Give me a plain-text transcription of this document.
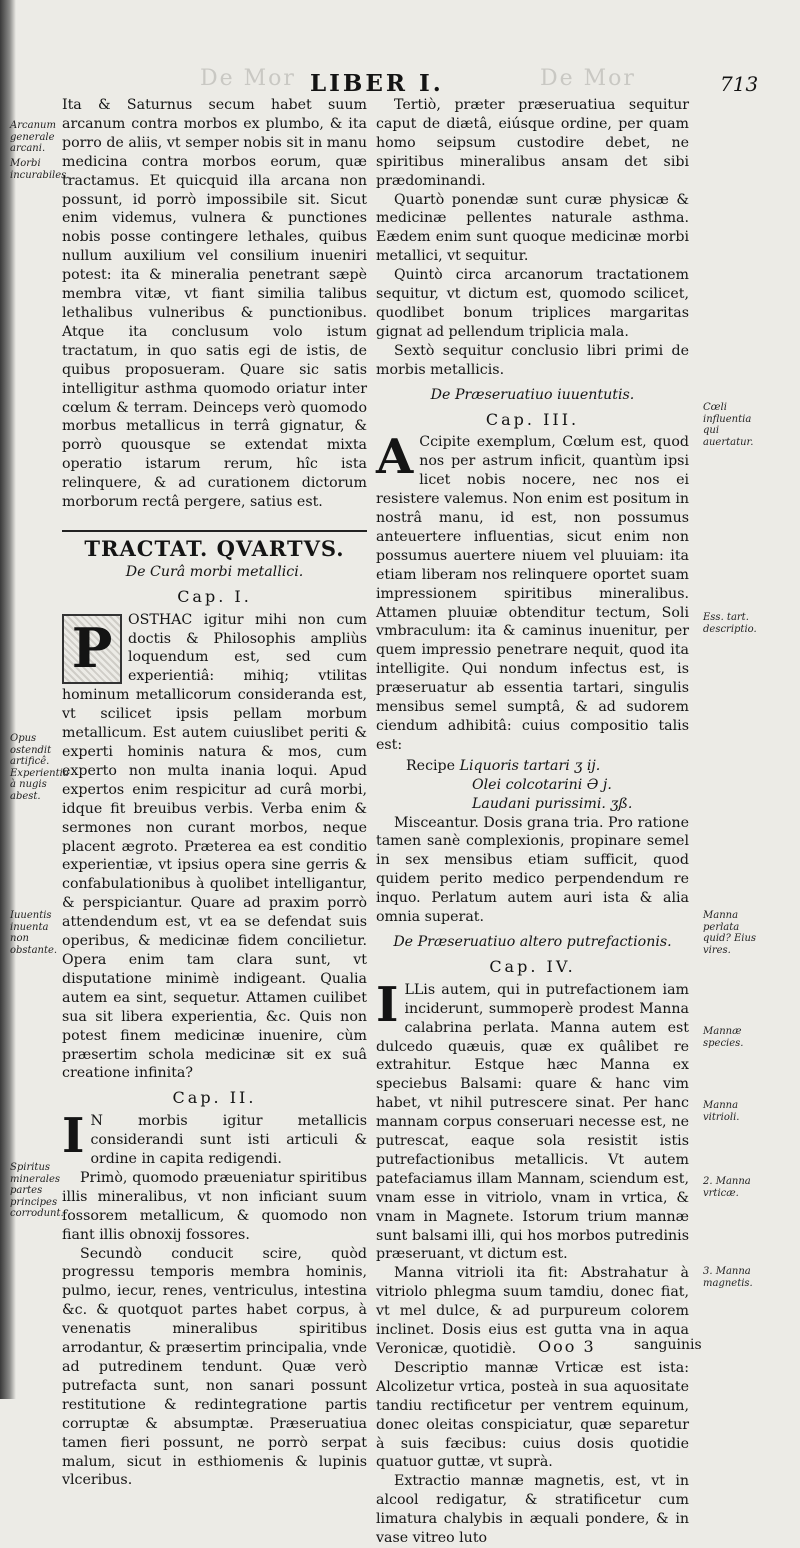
De Mor	De Mor
LIBER I.	713
Arcanum generale arcani.
Morbi incurabiles.
Opus ostendit artificê. Experientia à nugis abest.
Iuuentis inuenta non obstante.
Spiritus minerales partes principes corrodunt.
Cœli influentia qui auertatur.
Ess. tart. descriptio.
Manna perlata quid? Eius vires.
Mannæ species.
Manna vitrioli.
2. Manna vrticæ.
3. Manna magnetis.

Ita & Saturnus secum habet suum arcanum contra morbos ex plumbo, & ita porro de aliis, vt semper nobis sit in manu medicina contra morbos eorum, quæ tractamus. Et quicquid illa arcana non possunt, id porrò impossibile sit. Sicut enim videmus, vulnera & punctiones nobis posse contingere lethales, quibus nullum auxilium vel consilium inueniri potest: ita & mineralia penetrant sæpè membra vitæ, vt fiant similia talibus lethalibus vulneribus & punctionibus. Atque ita conclusum volo istum tractatum, in quo satis egi de istis, de quibus proposueram. Quare sic satis intelligitur asthma quomodo oriatur inter cœlum & terram. Deinceps verò quomodo morbus metallicus in terrâ gignatur, & porrò quousque se extendat mixta operatio istarum rerum, hîc ista relinquere, & ad curationem dictorum morborum rectâ pergere, satius est.

TRACTAT. QVARTVS.
De Curâ morbi metallici.
Cap. I.

P	OSTHAC igitur mihi non cum doctis & Philosophis ampliùs loquendum est, sed cum experientiâ: mihiq; vtilitas hominum metallicorum consideranda est, vt scilicet ipsis pellam morbum metallicum. Est autem cuiuslibet periti & experti hominis natura & mos, cum experto non multa inania loqui. Apud expertos enim respicitur ad curâ morbi, idque fit breuibus verbis. Verba enim & sermones non curant morbos, neque placent ægroto. Præterea ea est conditio experientiæ, vt ipsius opera sine gerris & confabulationibus à quolibet intelligantur, & perspiciantur. Quare ad praxim porrò attendendum est, vt ea se defendat suis operibus, & medicinæ fidem concilietur. Opera enim tam clara sunt, vt disputatione minimè indigeant. Qualia autem ea sint, sequetur. Attamen cuilibet sua sit libera experientia, &c. Quis non potest finem medicinæ inuenire, cùm præsertim schola medicinæ sit ex suâ creatione infinita?

Cap. II.

I N morbis igitur metallicis considerandi sunt isti articuli & ordine in capita redigendi.

Primò, quomodo præueniatur spiritibus illis mineralibus, vt non inficiant suum fossorem metallicum, & quomodo non fiant illis obnoxij fossores.

Secundò conducit scire, quòd progressu temporis membra hominis, pulmo, iecur, renes, ventriculus, intestina &c. & quotquot partes habet corpus, à venenatis mineralibus spiritibus arrodantur, & præsertim principalia, vnde ad putredinem tendunt. Quæ verò putrefacta sunt, non sanari possunt restitutione & redintegratione partis corruptæ & absumptæ. Præseruatiua tamen fieri possunt, ne porrò serpat malum, sicut in esthiomenis & lupinis vlceribus.

Tertiò, præter præseruatiua sequitur caput de diætâ, eiúsque ordine, per quam homo seipsum custodire debet, ne spiritibus mineralibus ansam det sibi prædominandi.

Quartò ponendæ sunt curæ physicæ & medicinæ pellentes naturale asthma. Eædem enim sunt quoque medicinæ morbi metallici, vt sequitur.

Quintò circa arcanorum tractationem sequitur, vt dictum est, quomodo scilicet, quodlibet bonum triplices margaritas gignat ad pellendum triplicia mala.

Sextò sequitur conclusio libri primi de morbis metallicis.

De Præseruatiuo iuuentutis.
Cap. III.

A Ccipite exemplum, Cœlum est, quod nos per astrum inficit, quantùm ipsi licet nobis nocere, nec nos ei resistere valemus. Non enim est positum in nostrâ manu, id est, non possumus anteuertere influentias, sicut enim non possumus auertere niuem vel pluuiam: ita etiam liberam nos relinquere oportet suam impressionem spiritibus mineralibus. Attamen pluuiæ obtenditur tectum, Soli vmbraculum: ita & caminus inuenitur, per quem impressio penetrare nequit, quod ita intelligite. Qui nondum infectus est, is præseruatur ab essentia tartari, singulis mensibus semel sumptâ, & ad sudorem ciendum adhibitâ: cuius compositio talis est:

Recipe Liquoris tartari ʒ ij.
Olei colcotarini Ə j.
Laudani purissimi. ʒß.

Misceantur. Dosis grana tria. Pro ratione tamen sanè complexionis, propinare semel in sex mensibus etiam sufficit, quod quidem perito medico perpendendum re inquo. Perlatum autem auri ista & alia omnia superat.

De Præseruatiuo altero putrefactionis.
Cap. IV.

I LLis autem, qui in putrefactionem iam inciderunt, summoperè prodest Manna calabrina perlata. Manna autem est dulcedo quæuis, quæ ex quâlibet re extrahitur. Estque hæc Manna ex speciebus Balsami: quare & hanc vim habet, vt nihil putrescere sinat. Per hanc mannam corpus conseruari necesse est, ne putrescat, eaque sola resistit istis putrefactionibus metallicis. Vt autem patefaciamus illam Mannam, sciendum est, vnam esse in vitriolo, vnam in vrtica, & vnam in Magnete. Istorum trium mannæ sunt balsami illi, qui hos morbos putredinis præseruant, vt dictum est.

Manna vitrioli ita fit: Abstrahatur à vitriolo phlegma suum tamdiu, donec fiat, vt mel dulce, & ad purpureum colorem inclinet. Dosis eius est gutta vna in aqua Veronicæ, quotidiè.

Descriptio mannæ Vrticæ est ista: Alcolizetur vrtica, posteà in sua aquositate tandiu rectificetur per ventrem equinum, donec oleitas conspiciatur, quæ separetur à suis fæcibus: cuius dosis quotidie quatuor guttæ, vt suprà.

Extractio mannæ magnetis, est, vt in alcool redigatur, & stratificetur cum limatura chalybis in æquali pondere, & in vase vitreo luto

Ooo 3	sanguinis
